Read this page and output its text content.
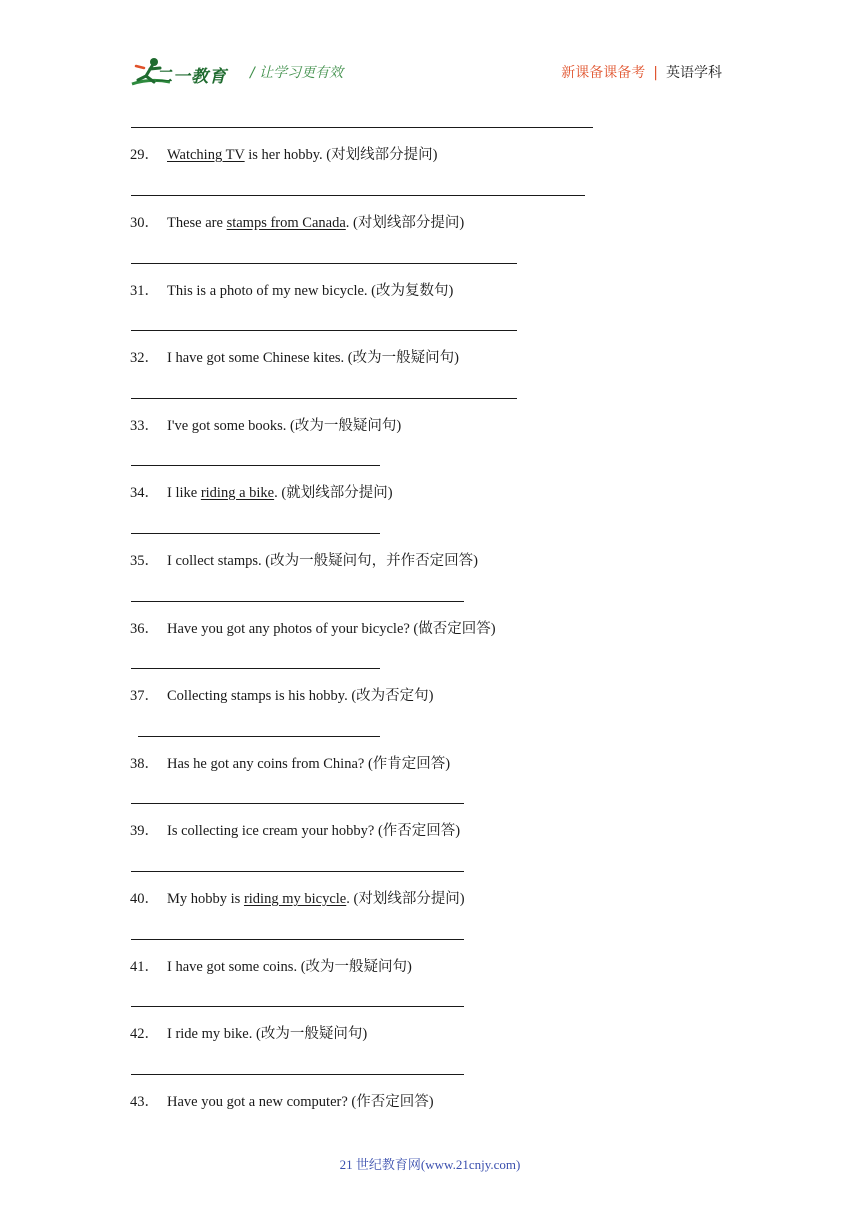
二一教育 / 让学习更有效	新课备课备考 | 英语学科
29． Watching TV is her hobby. (对划线部分提问)
30． These are stamps from Canada. (对划线部分提问)
31． This is a photo of my new bicycle. (改为复数句)
32． I have got some Chinese kites. (改为一般疑问句)
33． I've got some books. (改为一般疑问句)
34． I like riding a bike. (就划线部分提问)
35． I collect stamps. (改为一般疑问句，并作否定回答)
36． Have you got any photos of your bicycle? (做否定回答)
37． Collecting stamps is his hobby. (改为否定句)
38． Has he got any coins from China? (作肯定回答)
39． Is collecting ice cream your hobby? (作否定回答)
40． My hobby is riding my bicycle. (对划线部分提问)
41． I have got some coins. (改为一般疑问句)
42． I ride my bike. (改为一般疑问句)
43． Have you got a new computer? (作否定回答)
21 世纪教育网(www.21cnjy.com)
